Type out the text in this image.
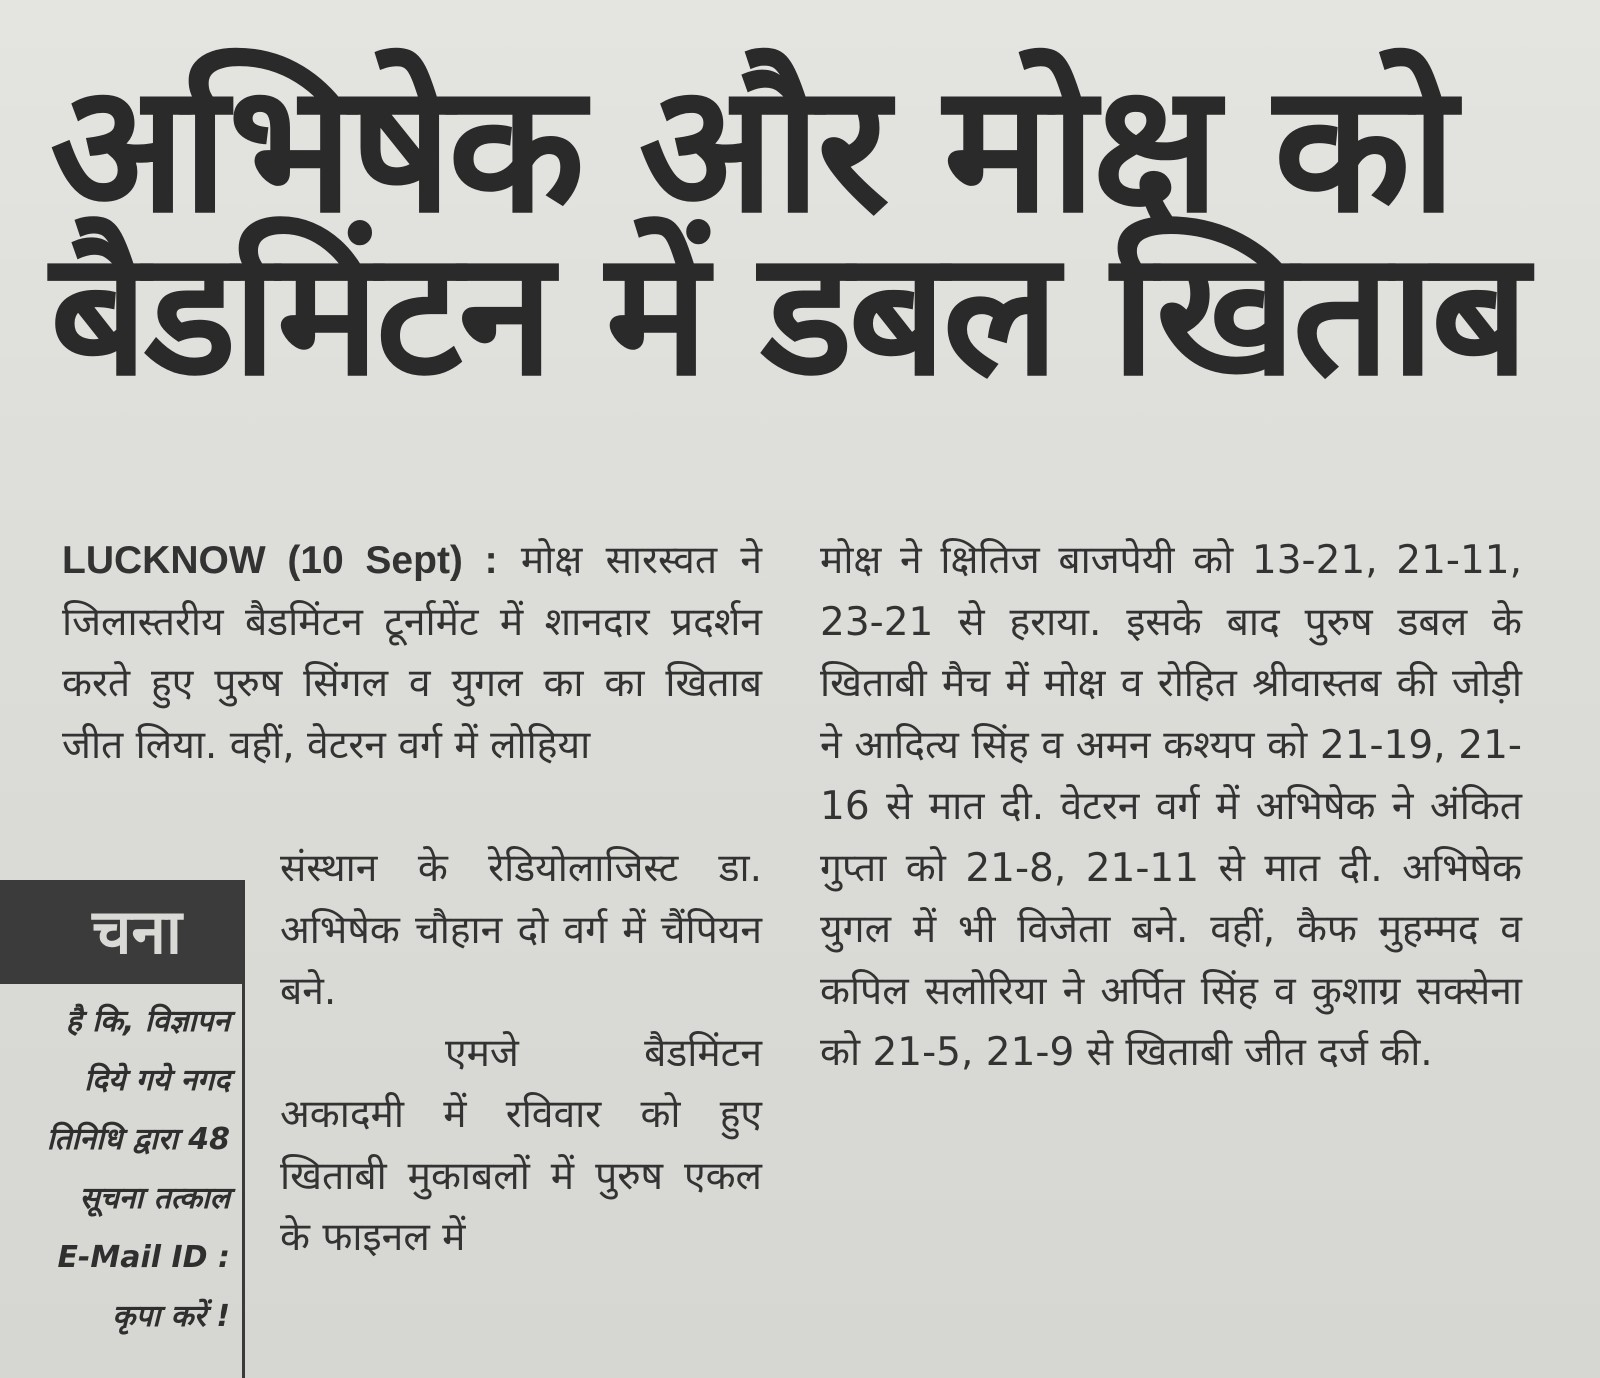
अभिषेक और मोक्ष को
बैडमिंटन में डबल खिताब

LUCKNOW (10 Sept) : मोक्ष सारस्वत ने जिलास्तरीय बैडमिंटन टूर्नामेंट में शानदार प्रदर्शन करते हुए पुरुष सिंगल व युगल का का खिताब जीत लिया. वहीं, वेटरन वर्ग में लोहिया

संस्थान के रेडियोलाजिस्ट डा. अभिषेक चौहान दो वर्ग में चैंपियन बने.

एमजे बैडमिंटन अकादमी में रविवार को हुए खिताबी मुकाबलों में पुरुष एकल के फाइनल में

मोक्ष ने क्षितिज बाजपेयी को 13-21, 21-11, 23-21 से हराया. इसके बाद पुरुष डबल के खिताबी मैच में मोक्ष व रोहित श्रीवास्तब की जोड़ी ने आदित्य सिंह व अमन कश्यप को 21-19, 21-16 से मात दी. वेटरन वर्ग में अभिषेक ने अंकित गुप्ता को 21-8, 21-11 से मात दी. अभिषेक युगल में भी विजेता बने. वहीं, कैफ मुहम्मद व कपिल सलोरिया ने अर्पित सिंह व कुशाग्र सक्सेना को 21-5, 21-9 से खिताबी जीत दर्ज की.

चना
है कि, विज्ञापन
दिये गये नगद
तिनिधि द्वारा 48
सूचना तत्काल
E-Mail ID :
कृपा करें !
